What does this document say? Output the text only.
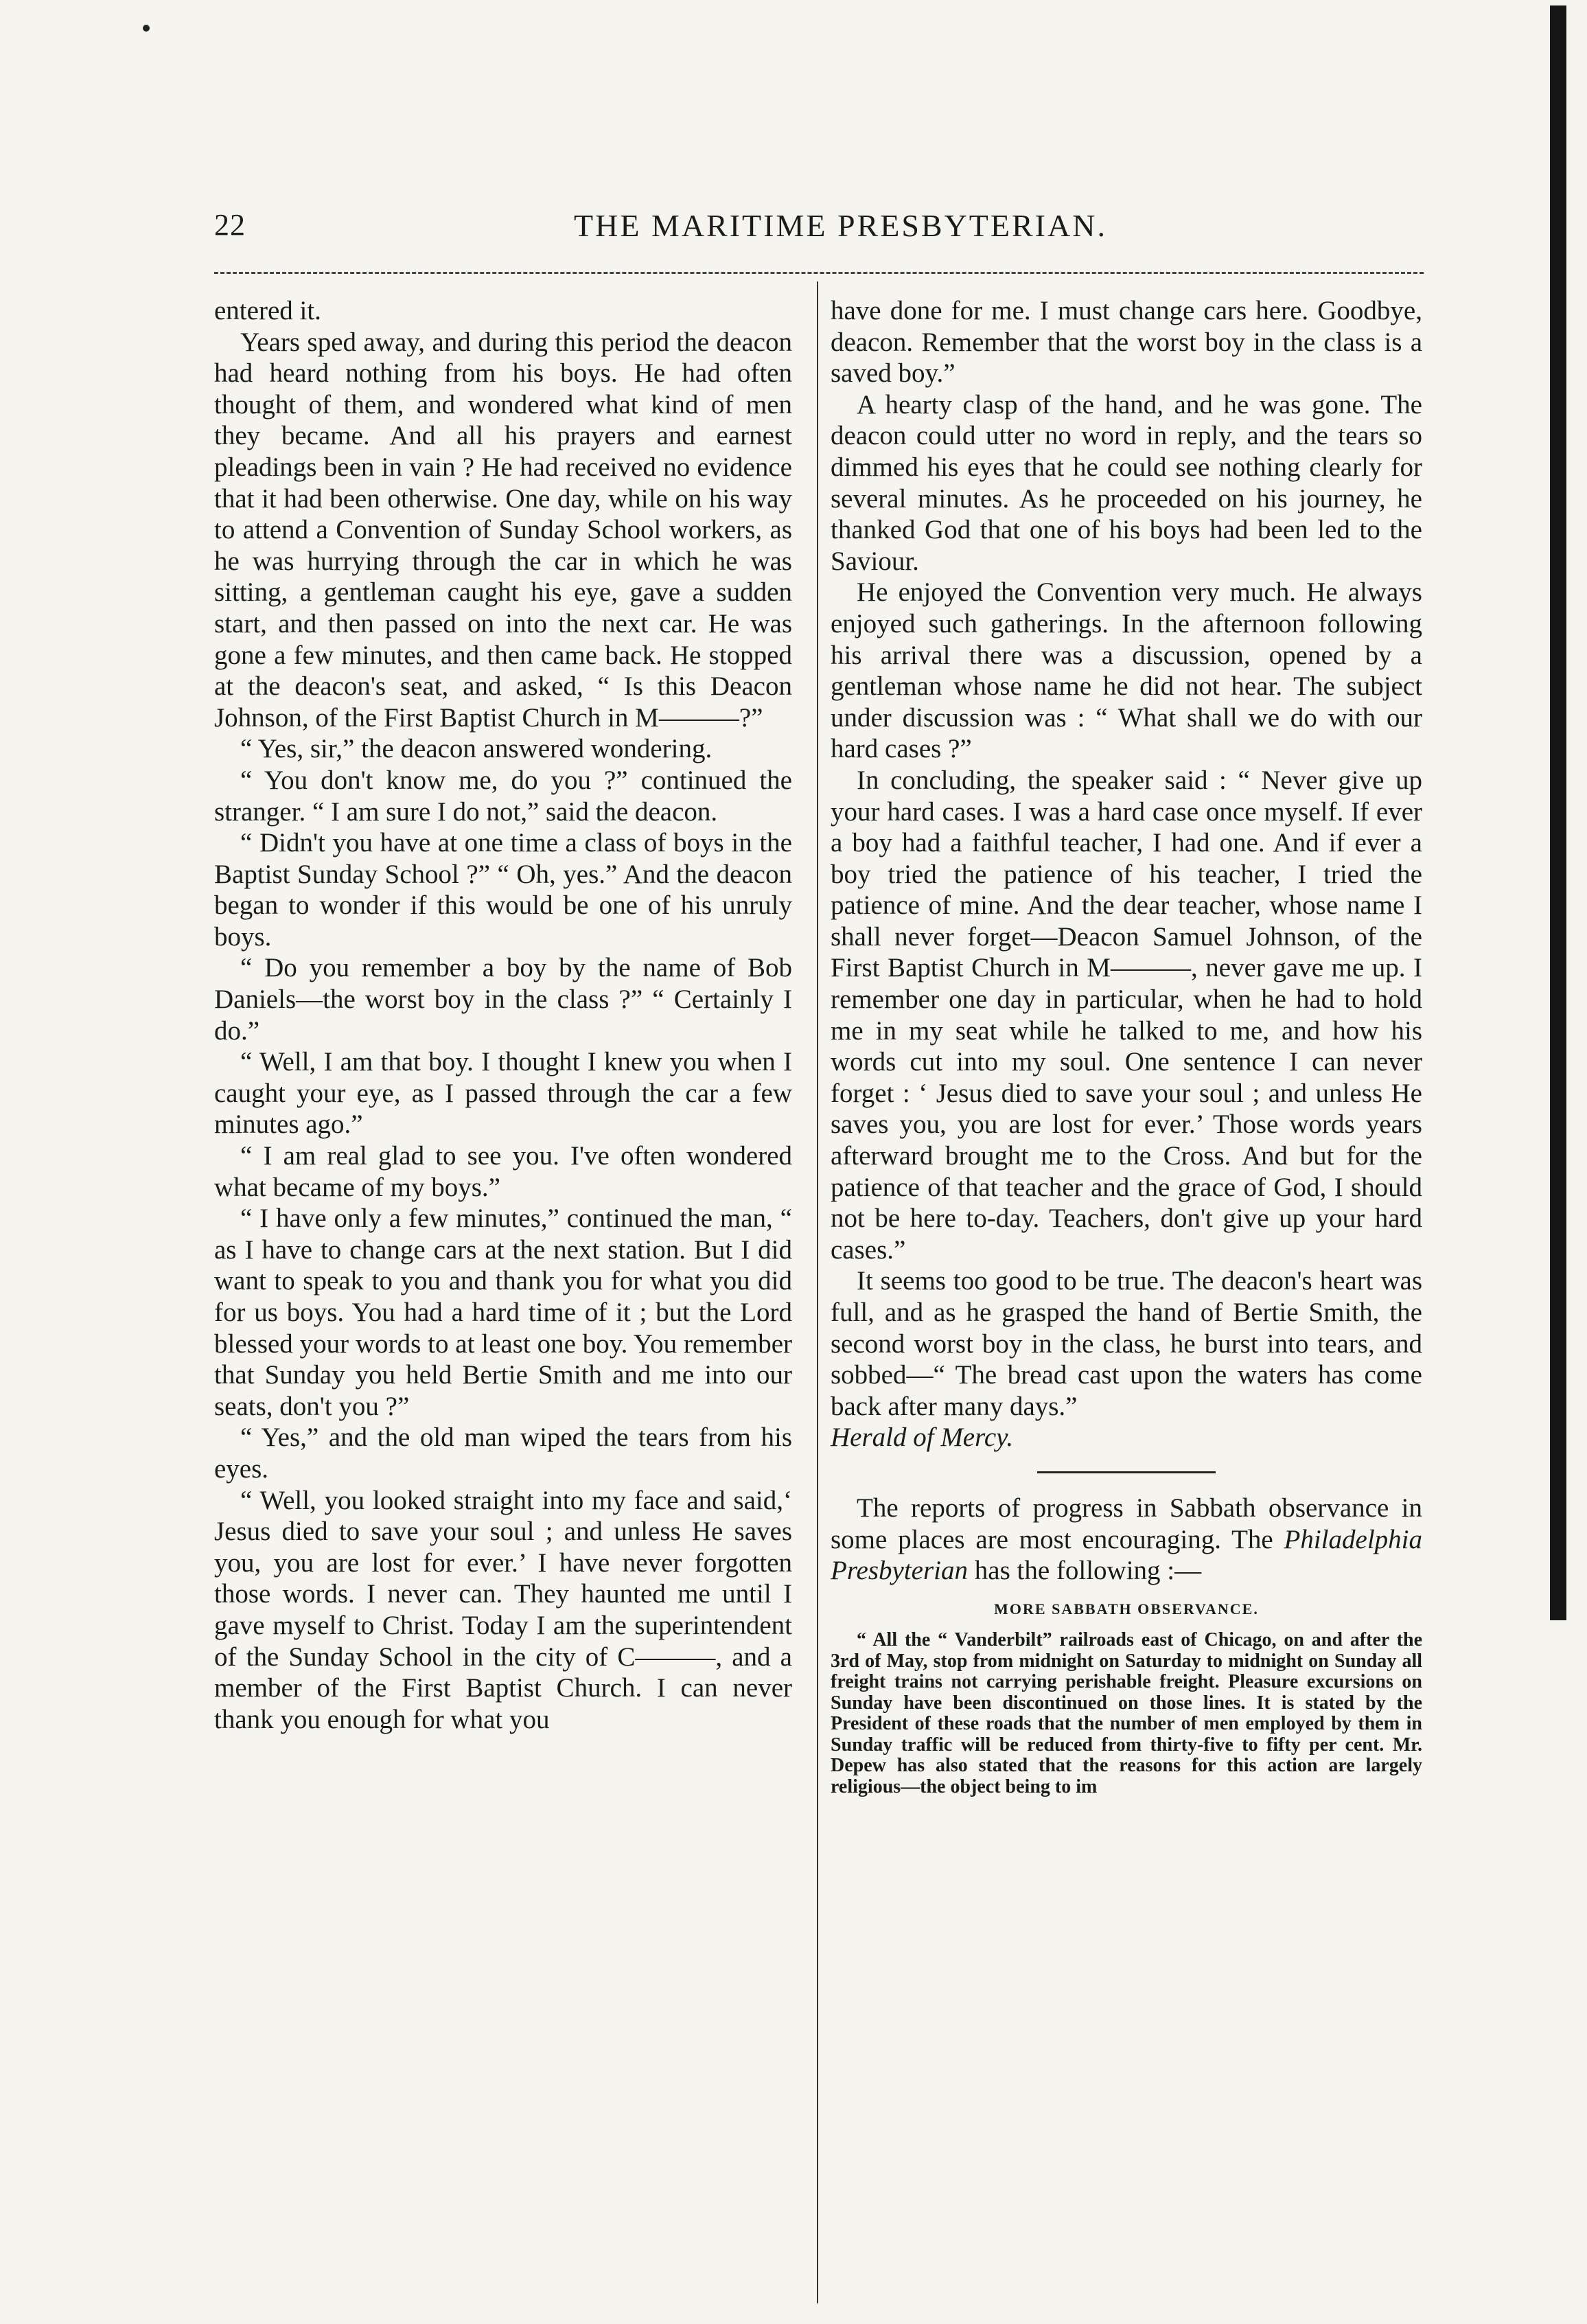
22	THE MARITIME PRESBYTERIAN.

entered it.

Years sped away, and during this period the deacon had heard nothing from his boys. He had often thought of them, and wondered what kind of men they became. And all his prayers and earnest pleadings been in vain ? He had received no evidence that it had been otherwise. One day, while on his way to attend a Convention of Sunday School workers, as he was hurrying through the car in which he was sitting, a gentleman caught his eye, gave a sudden start, and then passed on into the next car. He was gone a few minutes, and then came back. He stopped at the deacon's seat, and asked, “ Is this Deacon Johnson, of the First Baptist Church in M———?”

“ Yes, sir,” the deacon answered wondering.

“ You don't know me, do you ?” continued the stranger. “ I am sure I do not,” said the deacon.

“ Didn't you have at one time a class of boys in the Baptist Sunday School ?” “ Oh, yes.” And the deacon began to wonder if this would be one of his unruly boys.

“ Do you remember a boy by the name of Bob Daniels—the worst boy in the class ?” “ Certainly I do.”

“ Well, I am that boy. I thought I knew you when I caught your eye, as I passed through the car a few minutes ago.”

“ I am real glad to see you. I've often wondered what became of my boys.”

“ I have only a few minutes,” continued the man, “ as I have to change cars at the next station. But I did want to speak to you and thank you for what you did for us boys. You had a hard time of it ; but the Lord blessed your words to at least one boy. You remember that Sunday you held Bertie Smith and me into our seats, don't you ?”

“ Yes,” and the old man wiped the tears from his eyes.

“ Well, you looked straight into my face and said,‘ Jesus died to save your soul ; and unless He saves you, you are lost for ever.’ I have never forgotten those words. I never can. They haunted me until I gave myself to Christ. Today I am the superintendent of the Sunday School in the city of C———, and a member of the First Baptist Church. I can never thank you enough for what you

have done for me. I must change cars here. Goodbye, deacon. Remember that the worst boy in the class is a saved boy.”

A hearty clasp of the hand, and he was gone. The deacon could utter no word in reply, and the tears so dimmed his eyes that he could see nothing clearly for several minutes. As he proceeded on his journey, he thanked God that one of his boys had been led to the Saviour.

He enjoyed the Convention very much. He always enjoyed such gatherings. In the afternoon following his arrival there was a discussion, opened by a gentleman whose name he did not hear. The subject under discussion was : “ What shall we do with our hard cases ?”

In concluding, the speaker said : “ Never give up your hard cases. I was a hard case once myself. If ever a boy had a faithful teacher, I had one. And if ever a boy tried the patience of his teacher, I tried the patience of mine. And the dear teacher, whose name I shall never forget—Deacon Samuel Johnson, of the First Baptist Church in M———, never gave me up. I remember one day in particular, when he had to hold me in my seat while he talked to me, and how his words cut into my soul. One sentence I can never forget : ‘ Jesus died to save your soul ; and unless He saves you, you are lost for ever.’ Those words years afterward brought me to the Cross. And but for the patience of that teacher and the grace of God, I should not be here to-day. Teachers, don't give up your hard cases.”

It seems too good to be true. The deacon's heart was full, and as he grasped the hand of Bertie Smith, the second worst boy in the class, he burst into tears, and sobbed—“ The bread cast upon the waters has come back after many days.”

Herald of Mercy.

The reports of progress in Sabbath observance in some places are most encouraging. The Philadelphia Presbyterian has the following :—

MORE SABBATH OBSERVANCE.

“ All the “ Vanderbilt” railroads east of Chicago, on and after the 3rd of May, stop from midnight on Saturday to midnight on Sunday all freight trains not carrying perishable freight. Pleasure excursions on Sunday have been discontinued on those lines. It is stated by the President of these roads that the number of men employed by them in Sunday traffic will be reduced from thirty-five to fifty per cent. Mr. Depew has also stated that the reasons for this action are largely religious—the object being to im
